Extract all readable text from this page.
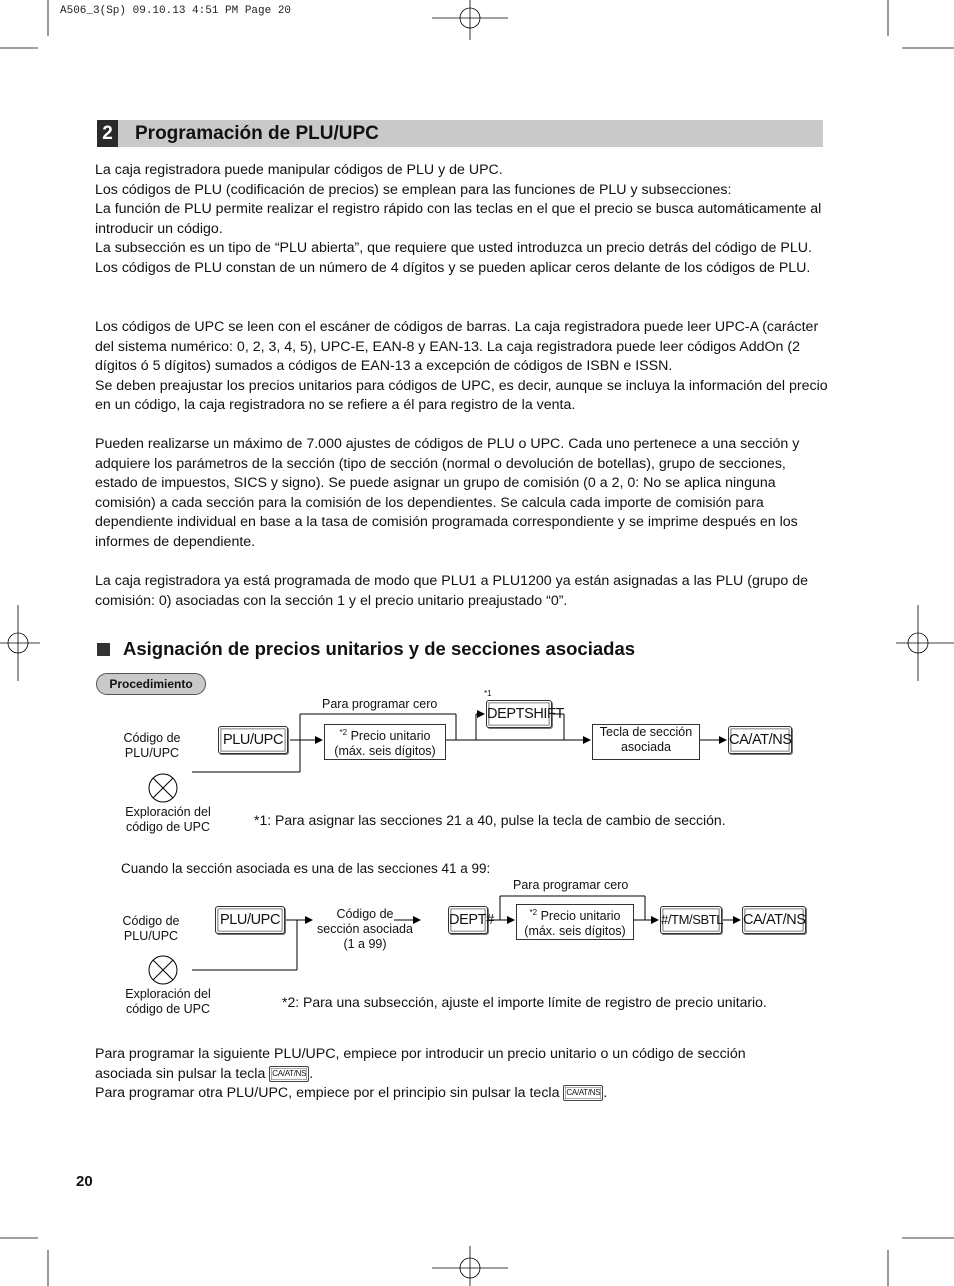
A506_3(Sp) 09.10.13 4:51 PM Page 20
2 Programación de PLU/UPC

La caja registradora puede manipular códigos de PLU y de UPC.

Los códigos de PLU (codificación de precios) se emplean para las funciones de PLU y subsecciones:

La función de PLU permite realizar el registro rápido con las teclas en el que el precio se busca automáticamente al introducir un código.

La subsección es un tipo de “PLU abierta”, que requiere que usted introduzca un precio detrás del código de PLU. Los códigos de PLU constan de un número de 4 dígitos y se pueden aplicar ceros delante de los códigos de PLU.

Los códigos de UPC se leen con el escáner de códigos de barras. La caja registradora puede leer UPC-A (carácter del sistema numérico: 0, 2, 3, 4, 5), UPC-E, EAN-8 y EAN-13. La caja registradora puede leer códigos AddOn (2 dígitos ó 5 dígitos) sumados a códigos de EAN-13 a excepción de códigos de ISBN e ISSN.

Se deben preajustar los precios unitarios para códigos de UPC, es decir, aunque se incluya la información del precio en un código, la caja registradora no se refiere a él para registro de la venta.

Pueden realizarse un máximo de 7.000 ajustes de códigos de PLU o UPC. Cada uno pertenece a una sección y adquiere los parámetros de la sección (tipo de sección (normal o devolución de botellas), grupo de secciones, estado de impuestos, SICS y signo). Se puede asignar un grupo de comisión (0 a 2, 0: No se aplica ninguna comisión) a cada sección para la comisión de los dependientes. Se calcula cada importe de comisión para dependiente individual en base a la tasa de comisión programada correspondiente y se imprime después en los informes de dependiente.

La caja registradora ya está programada de modo que PLU1 a PLU1200 ya están asignadas a las PLU (grupo de comisión: 0) asociadas con la sección 1 y el precio unitario preajustado “0”.

Asignación de precios unitarios y de secciones asociadas
Procedimiento
Código de
PLU/UPC
PLU/UPC
Para programar cero
$^{*2}$ Precio unitario
(máx. seis dígitos)
*1
DEPTSHIFT
Tecla de sección
asociada	CA/AT/NS
Exploración del
código de UPC	*1: Para asignar las secciones 21 a 40, pulse la tecla de cambio de sección.
Cuando la sección asociada es una de las secciones 41 a 99:
Código de
PLU/UPC
PLU/UPC	Código de
sección asociada
(1 a 99)
DEPT#
Para programar cero
$^{*2}$ Precio unitario
(máx. seis dígitos)
#/TM/SBTL CA/AT/NS
Exploración del
código de UPC	*2: Para una subsección, ajuste el importe límite de registro de precio unitario.

Para programar la siguiente PLU/UPC, empiece por introducir un precio unitario o un código de sección asociada sin pulsar la tecla CA/AT/NS .

Para programar otra PLU/UPC, empiece por el principio sin pulsar la tecla CA/AT/NS .

20
